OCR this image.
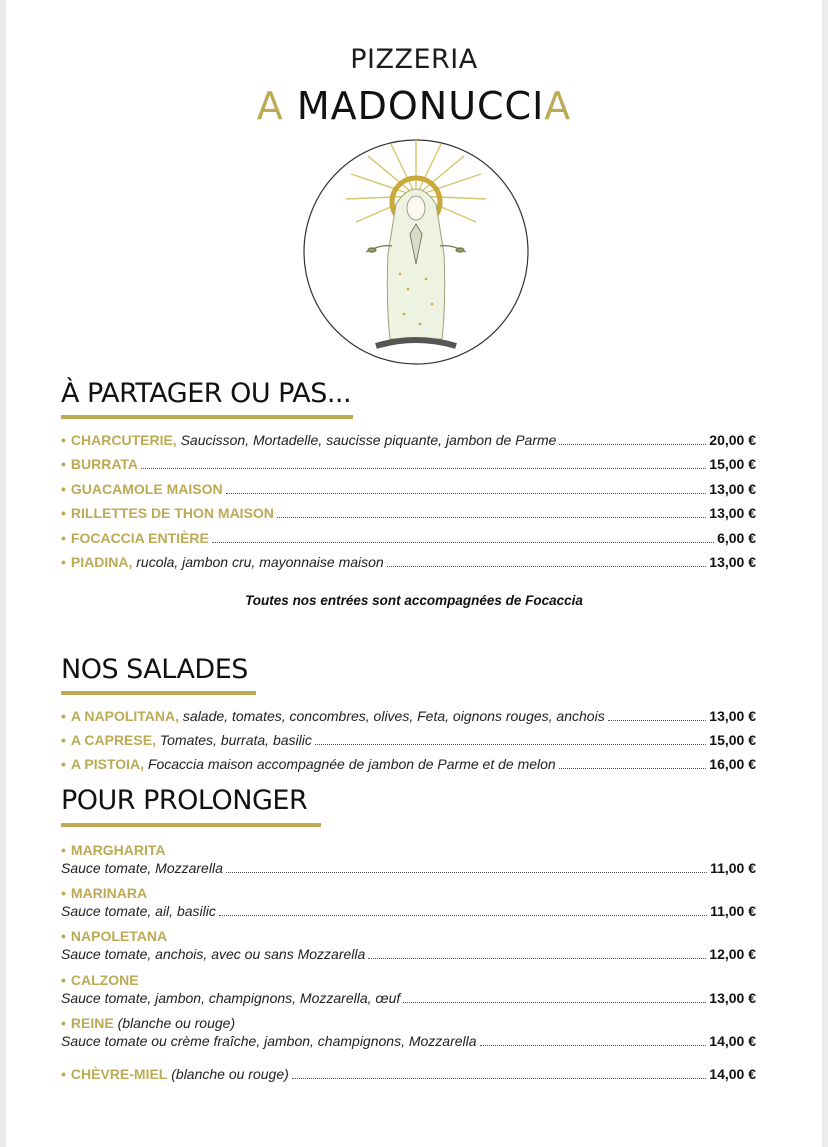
PIZZERIA
A MADONUCCIA
À PARTAGER OU PAS...
• CHARCUTERIE,
Saucisson, Mortadelle, saucisse piquante, jambon de Parme	20,00 €
• BURRATA	15,00 €
• GUACAMOLE MAISON	13,00 €
• RILLETTES DE THON MAISON	13,00 €
• FOCACCIA ENTIÈRE	6,00 €
• PIADINA,
rucola, jambon cru, mayonnaise maison	13,00 €
Toutes nos entrées sont accompagnées de Focaccia
NOS SALADES
• A NAPOLITANA,
salade, tomates, concombres, olives, Feta, oignons rouges, anchois	13,00 €
• A CAPRESE,
Tomates, burrata, basilic	15,00 €
• A PISTOIA,
Focaccia maison accompagnée de jambon de Parme et de melon	16,00 €
POUR PROLONGER
• MARGHARITA
Sauce tomate, Mozzarella	11,00 €
• MARINARA
Sauce tomate, ail, basilic	11,00 €
• NAPOLETANA
Sauce tomate, anchois, avec ou sans Mozzarella	12,00 €
• CALZONE
Sauce tomate, jambon, champignons, Mozzarella, œuf	13,00 €
• REINE
(blanche ou rouge)
Sauce tomate ou crème fraîche, jambon, champignons, Mozzarella	14,00 €
• CHÈVRE-MIEL
(blanche ou rouge)	14,00 €
